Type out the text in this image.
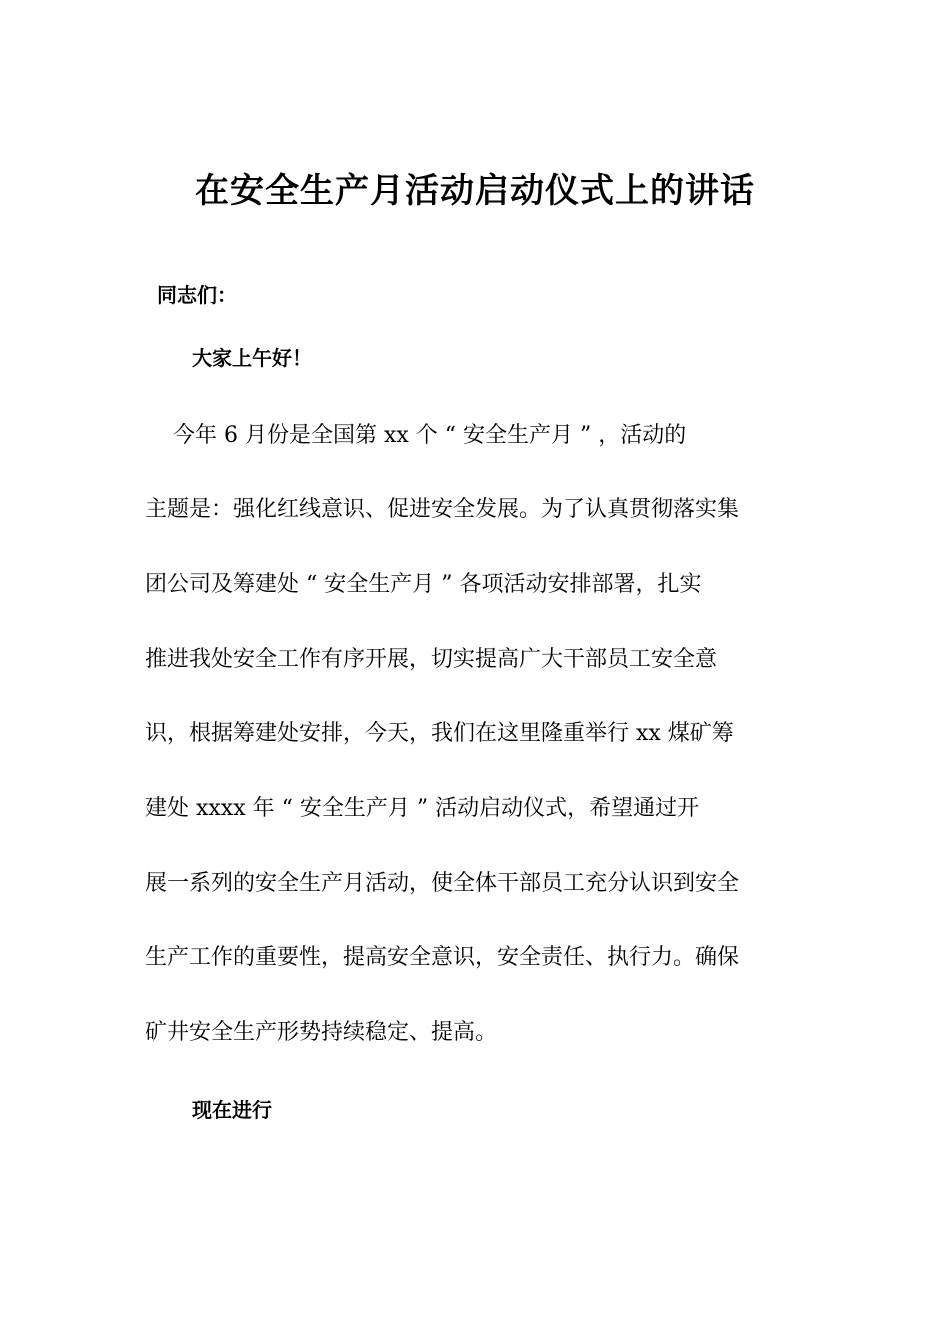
在安全生产月活动启动仪式上的讲话
同志们：
大家上午好！
今年 6 月份是全国第 xx 个 “ 安全生产月 ” ，活动的
主题是：强化红线意识、促进安全发展。为了认真贯彻落实集
团公司及筹建处 “ 安全生产月 ” 各项活动安排部署，扎实
推进我处安全工作有序开展，切实提高广大干部员工安全意
识，根据筹建处安排，今天，我们在这里隆重举行 xx 煤矿筹
建处 xxxx 年 “ 安全生产月 ” 活动启动仪式，希望通过开
展一系列的安全生产月活动，使全体干部员工充分认识到安全
生产工作的重要性，提高安全意识，安全责任、执行力。确保
矿井安全生产形势持续稳定、提高。
现在进行
